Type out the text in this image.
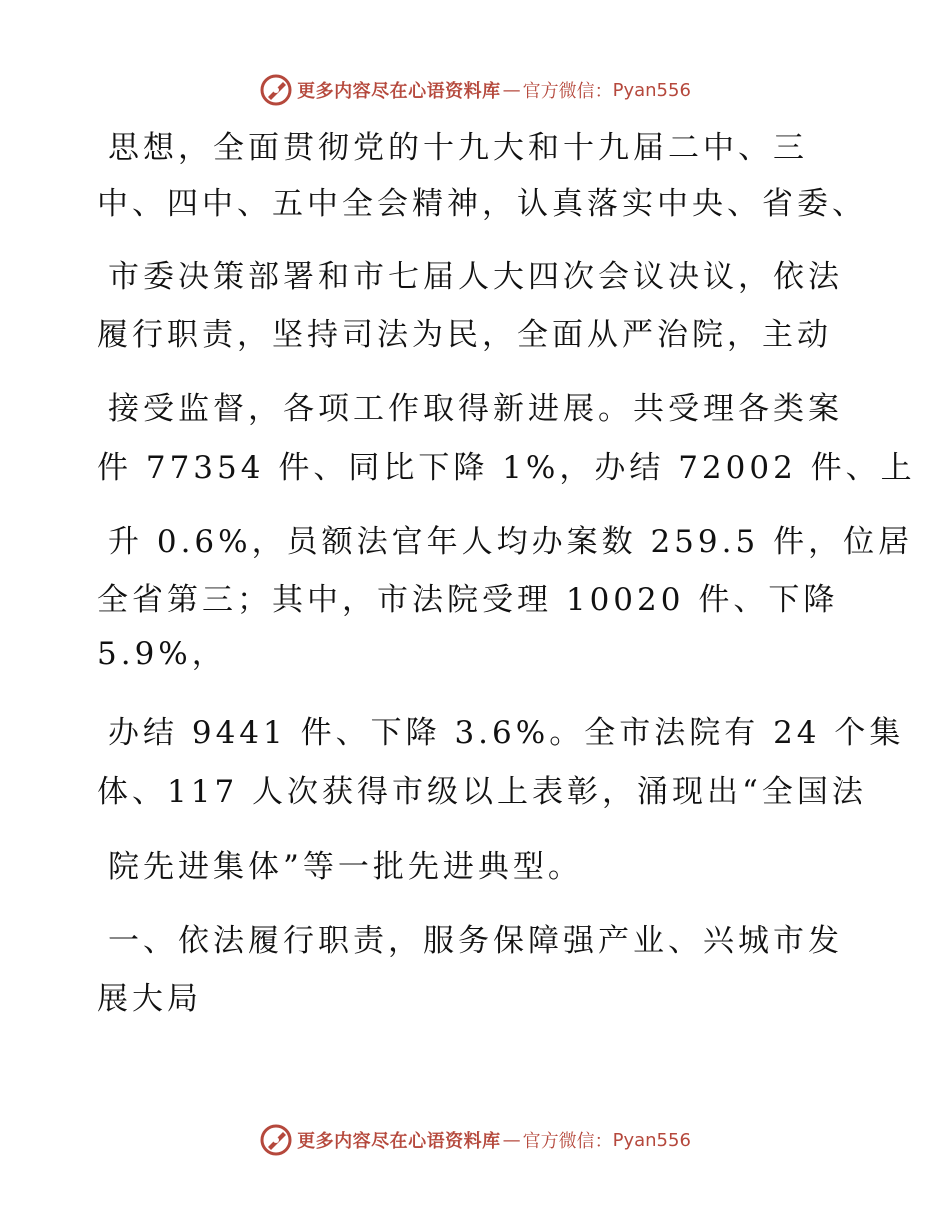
更多内容尽在心语资料库 — 官方微信： Pyan556
思想，全面贯彻党的十九大和十九届二中、三
中、四中、五中全会精神，认真落实中央、省委、
市委决策部署和市七届人大四次会议决议，依法
履行职责，坚持司法为民，全面从严治院，主动
接受监督，各项工作取得新进展。共受理各类案
件 77354 件、同比下降 1%，办结 72002 件、上
升 0.6%，员额法官年人均办案数 259.5 件，位居
全省第三；其中，市法院受理 10020 件、下降
5.9%，
办结 9441 件、下降 3.6%。全市法院有 24 个集
体、117 人次获得市级以上表彰，涌现出“全国法
院先进集体”等一批先进典型。
一、依法履行职责，服务保障强产业、兴城市发
展大局
更多内容尽在心语资料库 — 官方微信： Pyan556
